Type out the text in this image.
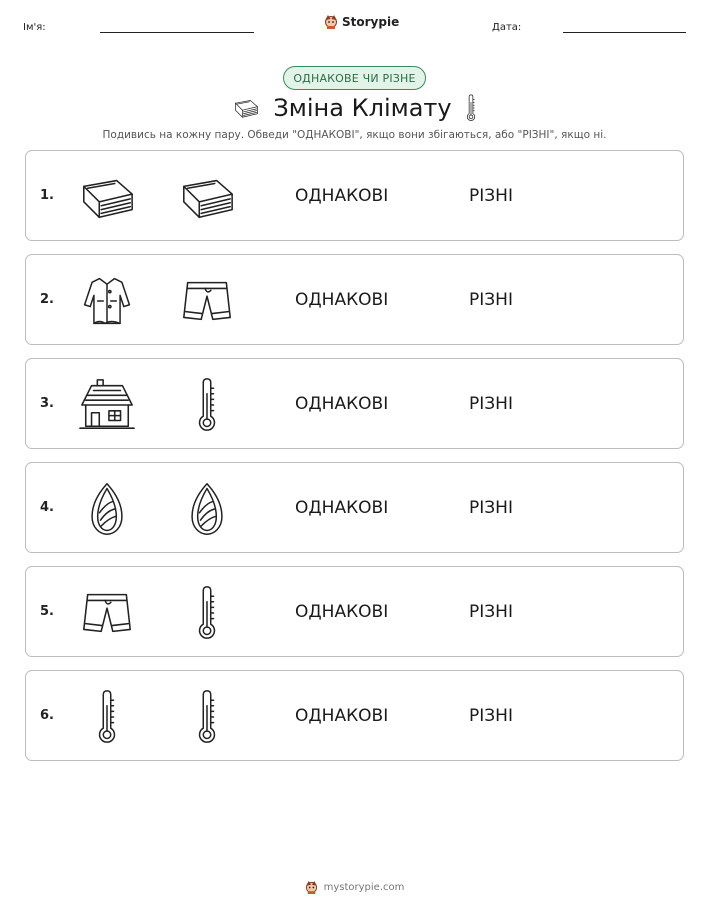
Ім'я:	Storypie	Дата:
ОДНАКОВЕ ЧИ РІЗНЕ
Зміна Клімату
Подивись на кожну пару. Обведи "ОДНАКОВІ", якщо вони збігаються, або "РІЗНІ", якщо ні.
1.	ОДНАКОВІ	РІЗНІ
2.	ОДНАКОВІ	РІЗНІ
3.	ОДНАКОВІ	РІЗНІ
4.	ОДНАКОВІ	РІЗНІ
5.	ОДНАКОВІ	РІЗНІ
6.	ОДНАКОВІ	РІЗНІ
mystorypie.com
